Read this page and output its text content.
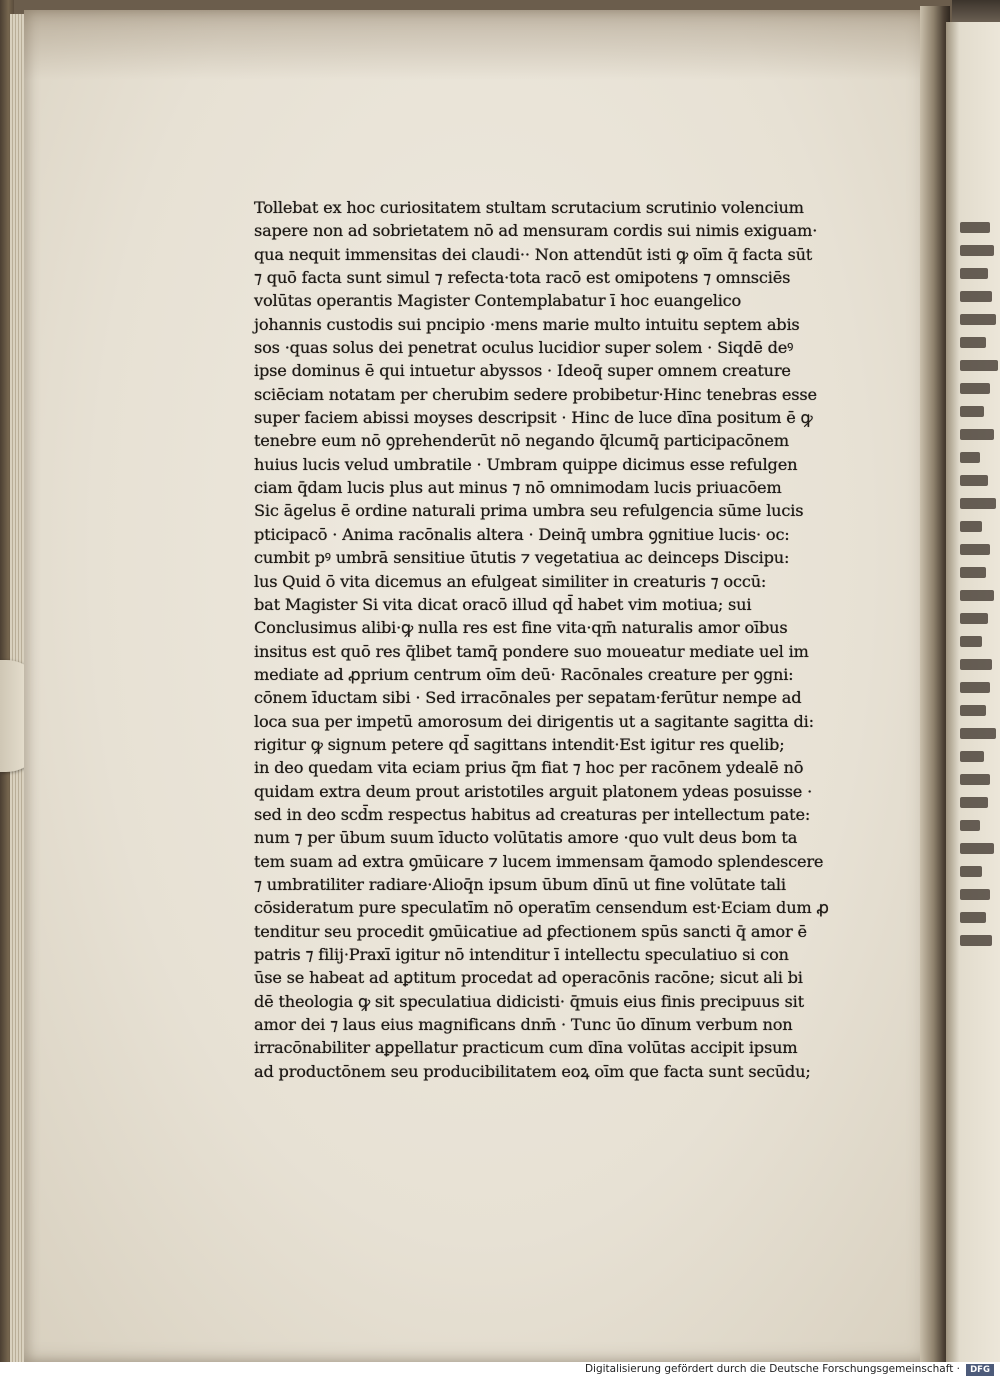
Tollebat ex hoc curiositatem stultam scrutacium scrutinio volencium
sapere non ad sobrietatem nō ad mensuram cordis sui nimis exiguam·
qua nequit immensitas dei claudi·· Non attendūt isti ꝙ oīm q̄ facta sūt
⁊ quō facta sunt simul ⁊ refecta·tota racō est omipotens ⁊ omnsciēs
volūtas operantis Magister Contemplabatur ī hoc euangelico
johannis custodis sui pncipio ·mens marie multo intuitu septem abis
sos ·quas solus dei penetrat oculus lucidior super solem · Siqdē deꝰ
ipse dominus ē qui intuetur abyssos · Ideoq̄ super omnem creature
sciēciam notatam per cherubim sedere probibetur·Hinc tenebras esse
super faciem abissi moyses descripsit · Hinc de luce dīna positum ē ꝙ
tenebre eum nō ꝯprehenderūt nō negando q̄lcumq̄ participacōnem
huius lucis velud umbratile · Umbram quippe dicimus esse refulgen
ciam q̄dam lucis plus aut minus ⁊ nō omnimodam lucis priuacōem
Sic āgelus ē ordine naturali prima umbra seu refulgencia sūme lucis
pticipacō · Anima racōnalis altera · Deinq̄ umbra ꝯgnitiue lucis· oc:
cumbit pꝰ umbrā sensitiue ūtutis ⁊ vegetatiua ac deinceps Discipu:
lus Quid ō vita dicemus an efulgeat similiter in creaturis ⁊ occū:
bat Magister Si vita dicat oracō illud qd̄ habet vim motiua; sui
Conclusimus alibi·ꝙ nulla res est fine vita·qm̄ naturalis amor oībus
insitus est quō res q̄libet tamq̄ pondere suo moueatur mediate uel im
mediate ad ꝓprium centrum oīm deū· Racōnales creature per ꝯgni:
cōnem īductam sibi · Sed irracōnales per sepatam·ferūtur nempe ad
loca sua per impetū amorosum dei dirigentis ut a sagitante sagitta di:
rigitur ꝙ signum petere qd̄ sagittans intendit·Est igitur res quelib;
in deo quedam vita eciam prius q̄m fiat ⁊ hoc per racōnem ydealē nō
quidam extra deum prout aristotiles arguit platonem ydeas posuisse ·
sed in deo scd̄m respectus habitus ad creaturas per intellectum pate:
num ⁊ per ūbum suum īducto volūtatis amore ·quo vult deus bom ta
tem suam ad extra ꝯmūicare ⁊ lucem immensam q̄amodo splendescere
⁊ umbratiliter radiare·Alioq̄n ipsum ūbum dīnū ut fine volūtate tali
cōsideratum pure speculatīm nō operatīm censendum est·Eciam dum ꝓ
tenditur seu procedit ꝯmūicatiue ad ꝑfectionem spūs sancti q̄ amor ē
patris ⁊ filij·Praxī igitur nō intenditur ī intellectu speculatiuo si con
ūse se habeat ad aꝑtitum procedat ad operacōnis racōne; sicut ali bi
dē theologia ꝙ sit speculatiua didicisti· q̄muis eius finis precipuus sit
amor dei ⁊ laus eius magnificans dnm̄ · Tunc ūo dīnum verbum non
irracōnabiliter aꝑpellatur practicum cum dīna volūtas accipit ipsum
ad productōnem seu producibilitatem eoꝝ oīm que facta sunt secūdu;
Digitalisierung gefördert durch die Deutsche Forschungsgemeinschaft ·	DFG
